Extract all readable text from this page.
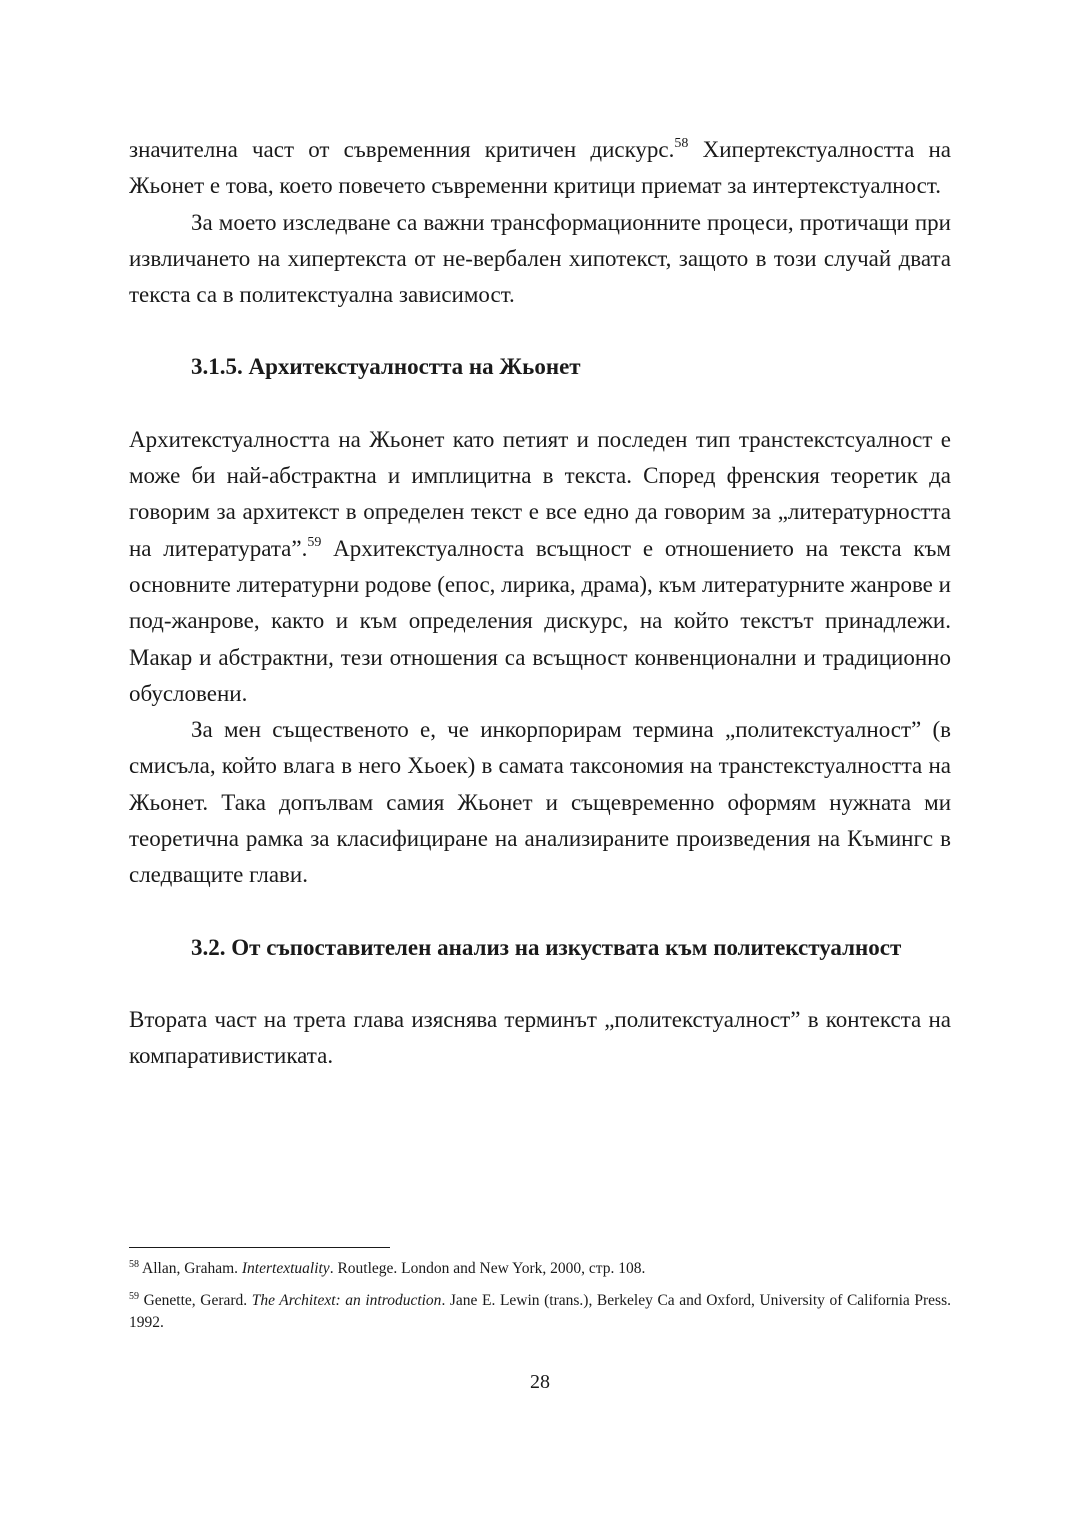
значителна част от съвременния критичен дискурс.$^{58}$ Хипертекстуалността на Жьонет е това, което повечето съвременни критици приемат за интертекстуалност.

За моето изследване са важни трансформационните процеси, протичащи при извличането на хипертекста от не-вербален хипотекст, защото в този случай двата текста са в политекстуална зависимост.

3.1.5. Архитекстуалността на Жьонет

Архитекстуалността на Жьонет като петият и последен тип транстекстсуалност е може би най-абстрактна и имплицитна в текста. Според френския теоретик да говорим за архитекст в определен текст е все едно да говорим за „литературността на литературата”.$^{59}$ Архитекстуалноста всъщност е отношението на текста към основните литературни родове (епос, лирика, драма), към литературните жанрове и под-жанрове, както и към определения дискурс, на който текстът принадлежи. Макар и абстрактни, тези отношения са всъщност конвенционални и традиционно обусловени.

За мен същественото е, че инкорпорирам термина „политекстуалност” (в смисъла, който влага в него Хьоек) в самата таксономия на транстекстуалността на Жьонет. Така допълвам самия Жьонет и същевременно оформям нужната ми теоретична рамка за класифициране на анализираните произведения на Къмингс в следващите глави.

3.2. От съпоставителен анализ на изкуствата към политекстуалност

Втората част на трета глава изяснява терминът „политекстуалност” в контекста на компаративистиката.

$^{58}$ Allan, Graham. Intertextuality. Routlege. London and New York, 2000, стр. 108.

$^{59}$ Genette, Gerard. The Architext: an introduction. Jane E. Lewin (trans.), Berkeley Ca and Oxford, University of California Press. 1992.

28
